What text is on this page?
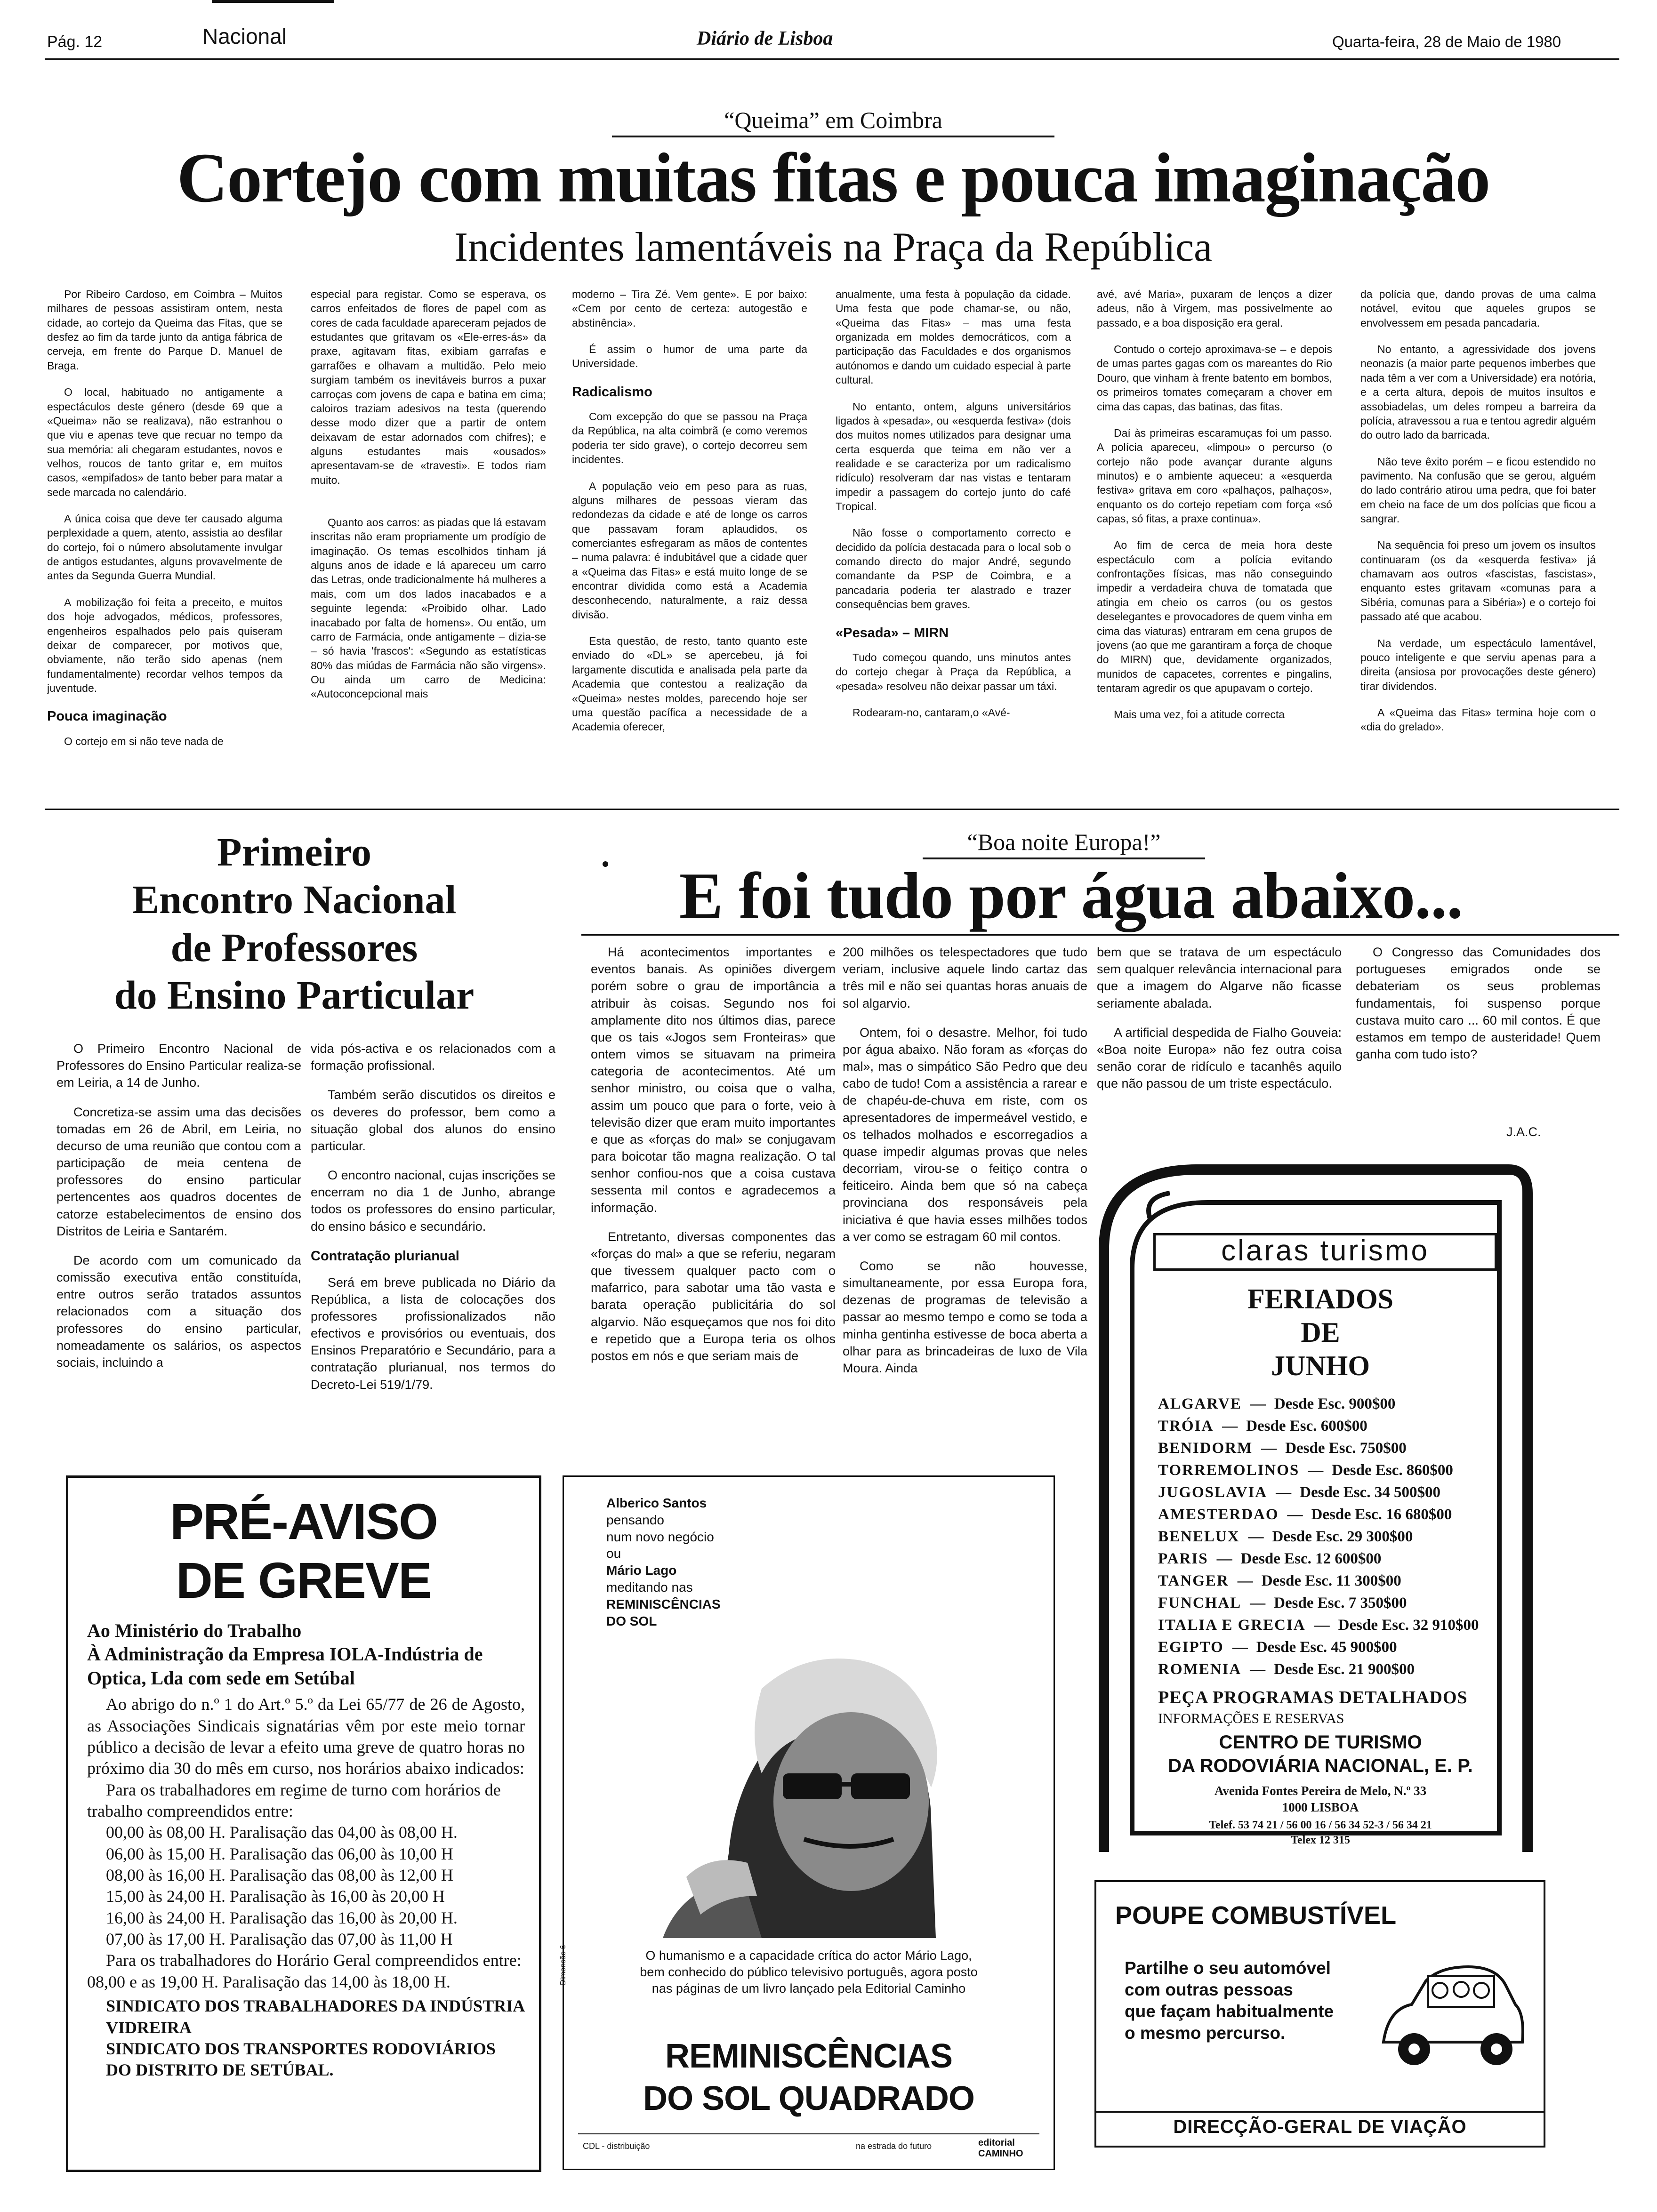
Pág. 12	Nacional	Diário de Lisboa	Quarta-feira, 28 de Maio de 1980
“Queima” em Coimbra
Cortejo com muitas fitas e pouca imaginação
Incidentes lamentáveis na Praça da República

Por Ribeiro Cardoso, em Coimbra – Muitos milhares de pessoas assistiram ontem, nesta cidade, ao cortejo da Queima das Fitas, que se desfez ao fim da tarde junto da antiga fábrica de cerveja, em frente do Parque D. Manuel de Braga.

O local, habituado no antigamente a espectáculos deste género (desde 69 que a «Queima» não se realizava), não estranhou o que viu e apenas teve que recuar no tempo da sua memória: ali chegaram estudantes, novos e velhos, roucos de tanto gritar e, em muitos casos, «empifados» de tanto beber para matar a sede marcada no calendário.

A única coisa que deve ter causado alguma perplexidade a quem, atento, assistia ao desfilar do cortejo, foi o número absolutamente invulgar de antigos estudantes, alguns provavelmente de antes da Segunda Guerra Mundial.

A mobilização foi feita a preceito, e muitos dos hoje advogados, médicos, professores, engenheiros espalhados pelo país quiseram deixar de comparecer, por motivos que, obviamente, não terão sido apenas (nem fundamentalmente) recordar velhos tempos da juventude.

Pouca imaginação

O cortejo em si não teve nada de

especial para registar. Como se esperava, os carros enfeitados de flores de papel com as cores de cada faculdade apareceram pejados de estudantes que gritavam os «Ele-erres-ás» da praxe, agitavam fitas, exibiam garrafas e garrafões e olhavam a multidão. Pelo meio surgiam também os inevitáveis burros a puxar carroças com jovens de capa e batina em cima; caloiros traziam adesivos na testa (querendo desse modo dizer que a partir de ontem deixavam de estar adornados com chifres); e alguns estudantes mais «ousados» apresentavam-se de «travesti». E todos riam muito.

Quanto aos carros: as piadas que lá estavam inscritas não eram propriamente um prodígio de imaginação. Os temas escolhidos tinham já alguns anos de idade e lá apareceu um carro das Letras, onde tradicionalmente há mulheres a mais, com um dos lados inacabados e a seguinte legenda: «Proibido olhar. Lado inacabado por falta de homens». Ou então, um carro de Farmácia, onde antigamente – dizia-se – só havia 'frascos': «Segundo as estatísticas 80% das miúdas de Farmácia não são virgens». Ou ainda um carro de Medicina: «Autoconcepcional mais

moderno – Tira Zé. Vem gente». E por baixo: «Cem por cento de certeza: autogestão e abstinência».

É assim o humor de uma parte da Universidade.

Radicalismo

Com excepção do que se passou na Praça da República, na alta coimbrã (e como veremos poderia ter sido grave), o cortejo decorreu sem incidentes.

A população veio em peso para as ruas, alguns milhares de pessoas vieram das redondezas da cidade e até de longe os carros que passavam foram aplaudidos, os comerciantes esfregaram as mãos de contentes – numa palavra: é indubitável que a cidade quer a «Queima das Fitas» e está muito longe de se encontrar dividida como está a Academia desconhecendo, naturalmente, a raiz dessa divisão.

Esta questão, de resto, tanto quanto este enviado do «DL» se apercebeu, já foi largamente discutida e analisada pela parte da Academia que contestou a realização da «Queima» nestes moldes, parecendo hoje ser uma questão pacífica a necessidade de a Academia oferecer,

anualmente, uma festa à população da cidade. Uma festa que pode chamar-se, ou não, «Queima das Fitas» – mas uma festa organizada em moldes democráticos, com a participação das Faculdades e dos organismos autónomos e dando um cuidado especial à parte cultural.

No entanto, ontem, alguns universitários ligados à «pesada», ou «esquerda festiva» (dois dos muitos nomes utilizados para designar uma certa esquerda que teima em não ver a realidade e se caracteriza por um radicalismo ridículo) resolveram dar nas vistas e tentaram impedir a passagem do cortejo junto do café Tropical.

Não fosse o comportamento correcto e decidido da polícia destacada para o local sob o comando directo do major André, segundo comandante da PSP de Coimbra, e a pancadaria poderia ter alastrado e trazer consequências bem graves.

«Pesada» – MIRN

Tudo começou quando, uns minutos antes do cortejo chegar à Praça da República, a «pesada» resolveu não deixar passar um táxi.

Rodearam-no, cantaram,o «Avé-

avé, avé Maria», puxaram de lenços a dizer adeus, não à Virgem, mas possivelmente ao passado, e a boa disposição era geral.

Contudo o cortejo aproximava-se – e depois de umas partes gagas com os mareantes do Rio Douro, que vinham à frente batento em bombos, os primeiros tomates começaram a chover em cima das capas, das batinas, das fitas.

Daí às primeiras escaramuças foi um passo. A polícia apareceu, «limpou» o percurso (o cortejo não pode avançar durante alguns minutos) e o ambiente aqueceu: a «esquerda festiva» gritava em coro «palhaços, palhaços», enquanto os do cortejo repetiam com força «só capas, só fitas, a praxe continua».

Ao fim de cerca de meia hora deste espectáculo com a polícia evitando confrontações físicas, mas não conseguindo impedir a verdadeira chuva de tomatada que atingia em cheio os carros (ou os gestos deselegantes e provocadores de quem vinha em cima das viaturas) entraram em cena grupos de jovens (ao que me garantiram a força de choque do MIRN) que, devidamente organizados, munidos de capacetes, correntes e pingalins, tentaram agredir os que apupavam o cortejo.

Mais uma vez, foi a atitude correcta

da polícia que, dando provas de uma calma notável, evitou que aqueles grupos se envolvessem em pesada pancadaria.

No entanto, a agressividade dos jovens neonazis (a maior parte pequenos imberbes que nada têm a ver com a Universidade) era notória, e a certa altura, depois de muitos insultos e assobiadelas, um deles rompeu a barreira da polícia, atravessou a rua e tentou agredir alguém do outro lado da barricada.

Não teve êxito porém – e ficou estendido no pavimento. Na confusão que se gerou, alguém do lado contrário atirou uma pedra, que foi bater em cheio na face de um dos polícias que ficou a sangrar.

Na sequência foi preso um jovem os insultos continuaram (os da «esquerda festiva» já chamavam aos outros «fascistas, fascistas», enquanto estes gritavam «comunas para a Sibéria, comunas para a Sibéria») e o cortejo foi passado até que acabou.

Na verdade, um espectáculo lamentável, pouco inteligente e que serviu apenas para a direita (ansiosa por provocações deste género) tirar dividendos.

A «Queima das Fitas» termina hoje com o «dia do grelado».

Primeiro
Encontro Nacional
de Professores
do Ensino Particular

O Primeiro Encontro Nacional de Professores do Ensino Particular realiza-se em Leiria, a 14 de Junho.

Concretiza-se assim uma das decisões tomadas em 26 de Abril, em Leiria, no decurso de uma reunião que contou com a participação de meia centena de professores do ensino particular pertencentes aos quadros docentes de catorze estabelecimentos de ensino dos Distritos de Leiria e Santarém.

De acordo com um comunicado da comissão executiva então constituída, entre outros serão tratados assuntos relacionados com a situação dos professores do ensino particular, nomeadamente os salários, os aspectos sociais, incluindo a

vida pós-activa e os relacionados com a formação profissional.

Também serão discutidos os direitos e os deveres do professor, bem como a situação global dos alunos do ensino particular.

O encontro nacional, cujas inscrições se encerram no dia 1 de Junho, abrange todos os professores do ensino particular, do ensino básico e secundário.

Contratação plurianual

Será em breve publicada no Diário da República, a lista de colocações dos professores profissionalizados não efectivos e provisórios ou eventuais, dos Ensinos Preparatório e Secundário, para a contratação plurianual, nos termos do Decreto-Lei 519/1/79.

“Boa noite Europa!”
E foi tudo por água abaixo...

Há acontecimentos importantes e eventos banais. As opiniões divergem porém sobre o grau de importância a atribuir às coisas. Segundo nos foi amplamente dito nos últimos dias, parece que os tais «Jogos sem Fronteiras» que ontem vimos se situavam na primeira categoria de acontecimentos. Até um senhor ministro, ou coisa que o valha, assim um pouco que para o forte, veio à televisão dizer que eram muito importantes e que as «forças do mal» se conjugavam para boicotar tão magna realização. O tal senhor confiou-nos que a coisa custava sessenta mil contos e agradecemos a informação.

Entretanto, diversas componentes das «forças do mal» a que se referiu, negaram que tivessem qualquer pacto com o mafarrico, para sabotar uma tão vasta e barata operação publicitária do sol algarvio. Não esqueçamos que nos foi dito e repetido que a Europa teria os olhos postos em nós e que seriam mais de

200 milhões os telespectadores que tudo veriam, inclusive aquele lindo cartaz das três mil e não sei quantas horas anuais de sol algarvio.

Ontem, foi o desastre. Melhor, foi tudo por água abaixo. Não foram as «forças do mal», mas o simpático São Pedro que deu cabo de tudo! Com a assistência a rarear e de chapéu-de-chuva em riste, com os apresentadores de impermeável vestido, e os telhados molhados e escorregadios a quase impedir algumas provas que neles decorriam, virou-se o feitiço contra o feiticeiro. Ainda bem que só na cabeça provinciana dos responsáveis pela iniciativa é que havia esses milhões todos a ver como se estragam 60 mil contos.

Como se não houvesse, simultaneamente, por essa Europa fora, dezenas de programas de televisão a passar ao mesmo tempo e como se toda a minha gentinha estivesse de boca aberta a olhar para as brincadeiras de luxo de Vila Moura. Ainda

bem que se tratava de um espectáculo sem qualquer relevância internacional para que a imagem do Algarve não ficasse seriamente abalada.

A artificial despedida de Fialho Gouveia: «Boa noite Europa» não fez outra coisa senão corar de ridículo e tacanhês aquilo que não passou de um triste espectáculo.

O Congresso das Comunidades dos portugueses emigrados onde se debateriam os seus problemas fundamentais, foi suspenso porque custava muito caro ... 60 mil contos. É que estamos em tempo de austeridade! Quem ganha com tudo isto?

J.A.C.
PRÉ-AVISO
DE GREVE
Ao Ministério do Trabalho
À Administração da Empresa IOLA-Indústria de Optica, Lda com sede em Setúbal
Ao abrigo do n.º 1 do Art.º 5.º da Lei 65/77 de 26 de Agosto, as Associações Sindicais signatárias vêm por este meio tornar público a decisão de levar a efeito uma greve de quatro horas no próximo dia 30 do mês em curso, nos horários abaixo indicados:
Para os trabalhadores em regime de turno com horários de trabalho compreendidos entre:
00,00 às 08,00 H. Paralisação das 04,00 às 08,00 H.
06,00 às 15,00 H. Paralisação das 06,00 às 10,00 H
08,00 às 16,00 H. Paralisação das 08,00 às 12,00 H
15,00 às 24,00 H. Paralisação às 16,00 às 20,00 H
16,00 às 24,00 H. Paralisação das 16,00 às 20,00 H.
07,00 às 17,00 H. Paralisação das 07,00 às 11,00 H
Para os trabalhadores do Horário Geral compreendidos entre: 08,00 e as 19,00 H. Paralisação das 14,00 às 18,00 H.
SINDICATO DOS TRABALHADORES DA INDÚSTRIA VIDREIRA
SINDICATO DOS TRANSPORTES RODOVIÁRIOS DO DISTRITO DE SETÚBAL.
Alberico Santos
pensando
num novo negócio
ou
Mário Lago
meditando nas
REMINISCÊNCIAS
DO SOL
Dimensão 6	O humanismo e a capacidade crítica do actor Mário Lago, bem conhecido do público televisivo português, agora posto nas páginas de um livro lançado pela Editorial Caminho
REMINISCÊNCIAS
DO SOL QUADRADO
CDL - distribuição	na estrada do futuro	editorial CAMINHO
claras turismo
FERIADOS
DE
JUNHO
ALGARVE — Desde Esc. 900$00
TRÓIA — Desde Esc. 600$00
BENIDORM — Desde Esc. 750$00
TORREMOLINOS — Desde Esc. 860$00
JUGOSLAVIA — Desde Esc. 34 500$00
AMESTERDAO — Desde Esc. 16 680$00
BENELUX — Desde Esc. 29 300$00
PARIS — Desde Esc. 12 600$00
TANGER — Desde Esc. 11 300$00
FUNCHAL — Desde Esc. 7 350$00
ITALIA E GRECIA — Desde Esc. 32 910$00
EGIPTO — Desde Esc. 45 900$00
ROMENIA — Desde Esc. 21 900$00
PEÇA PROGRAMAS DETALHADOS
INFORMAÇÕES E RESERVAS
CENTRO DE TURISMO
DA RODOVIÁRIA NACIONAL, E. P.
Avenida Fontes Pereira de Melo, N.º 33
1000 LISBOA
Telef. 53 74 21 / 56 00 16 / 56 34 52-3 / 56 34 21
Telex 12 315
POUPE COMBUSTÍVEL
Partilhe o seu automóvel
com outras pessoas
que façam habitualmente
o mesmo percurso.
DIRECÇÃO-GERAL DE VIAÇÃO
